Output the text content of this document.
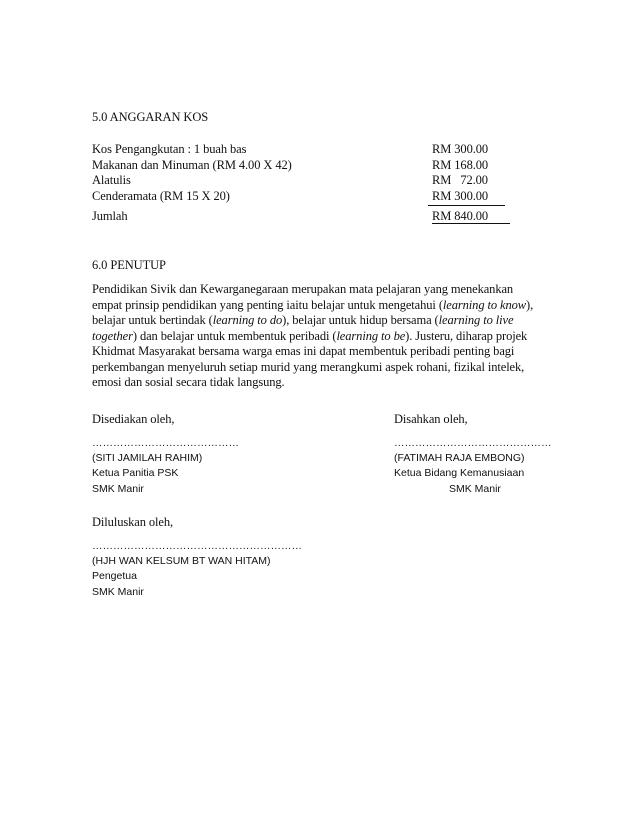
5.0 ANGGARAN KOS
Kos Pengangkutan : 1 buah bas	RM 300.00
Makanan dan Minuman (RM 4.00 X 42)	RM 168.00
Alatulis	RM   72.00
Cenderamata (RM 15 X 20)	RM 300.00
Jumlah	RM 840.00
6.0 PENUTUP
Pendidikan Sivik dan Kewarganegaraan merupakan mata pelajaran yang menekankan
empat prinsip pendidikan yang penting iaitu belajar untuk mengetahui (learning to know),
belajar untuk bertindak (learning to do), belajar untuk hidup bersama (learning to live
together) dan belajar untuk membentuk peribadi (learning to be). Justeru, diharap projek
Khidmat Masyarakat bersama warga emas ini dapat membentuk peribadi penting bagi
perkembangan menyeluruh setiap murid yang merangkumi aspek rohani, fizikal intelek,
emosi dan sosial secara tidak langsung.
Disediakan oleh,
……………………………………
(SITI JAMILAH RAHIM)
Ketua Panitia PSK
SMK Manir
Disahkan oleh,
………………………………………
(FATIMAH RAJA EMBONG)
Ketua Bidang Kemanusiaan
SMK Manir
Diluluskan oleh,
……………………………………………………
(HJH WAN KELSUM BT WAN HITAM)
Pengetua
SMK Manir
